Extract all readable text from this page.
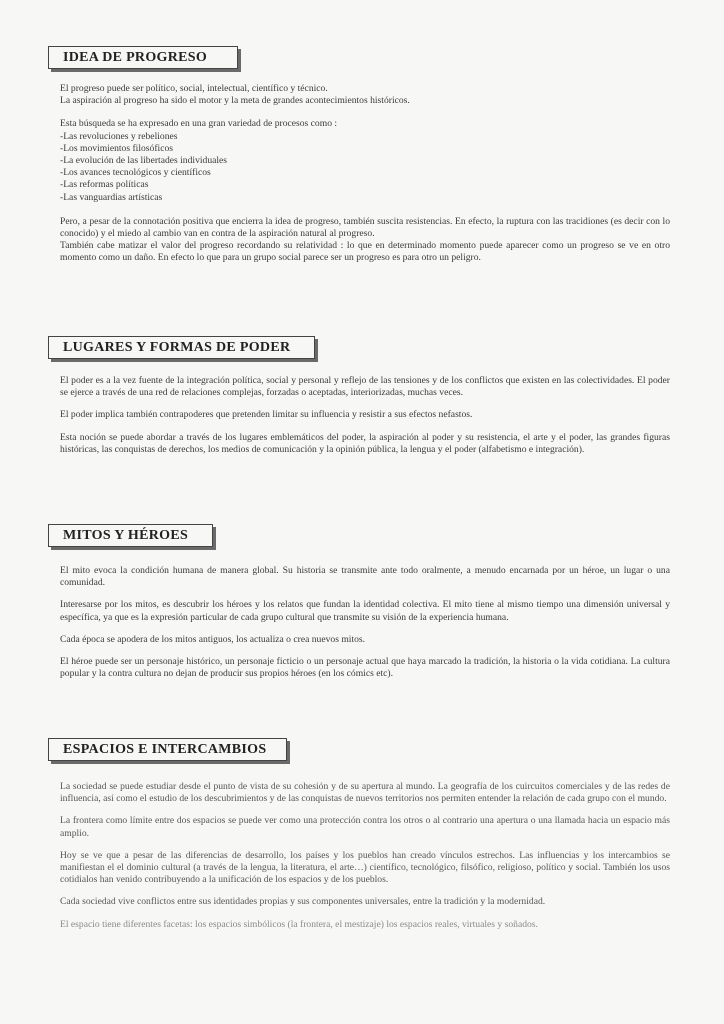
IDEA DE PROGRESO

El progreso puede ser político, social, intelectual, científico y técnico.
La aspiración al progreso ha sido el motor y la meta de grandes acontecimientos históricos.

Esta búsqueda se ha expresado en una gran variedad de procesos como :
-Las revoluciones y rebeliones
-Los movimientos filosóficos
-La evolución de las libertades individuales
-Los avances tecnológicos y científicos
-Las reformas políticas
-Las vanguardias artísticas

Pero, a pesar de la connotación positiva que encierra la idea de progreso, también suscita resistencias. En efecto, la ruptura con las tracidiones (es decir con lo conocido) y el miedo al cambio van en contra de la aspiración natural al progreso.
También cabe matizar el valor del progreso recordando su relatividad : lo que en determinado momento puede aparecer como un progreso se ve en otro momento como un daño. En efecto lo que para un grupo social parece ser un progreso es para otro un peligro.

LUGARES Y FORMAS DE PODER

El poder es a la vez fuente de la integración política, social y personal y reflejo de las tensiones y de los conflictos que existen en las colectividades. El poder se ejerce a través de una red de relaciones complejas, forzadas o aceptadas, interiorizadas, muchas veces.

El poder implica también contrapoderes que pretenden limitar su influencia y resistir a sus efectos nefastos.

Esta noción se puede abordar a través de los lugares emblemáticos del poder, la aspiración al poder y su resistencia, el arte y el poder, las grandes figuras históricas, las conquistas de derechos, los medios de comunicación y la opinión pública, la lengua y el poder (alfabetismo e integración).

MITOS Y HÉROES

El mito evoca la condición humana de manera global. Su historia se transmite ante todo oralmente, a menudo encarnada por un héroe, un lugar o una comunidad.

Interesarse por los mitos, es descubrir los héroes y los relatos que fundan la identidad colectiva. El mito tiene al mismo tiempo una dimensión universal y específica, ya que es la expresión particular de cada grupo cultural que transmite su visión de la experiencia humana.

Cada época se apodera de los mitos antiguos, los actualiza o crea nuevos mitos.

El héroe puede ser un personaje histórico, un personaje ficticio o un personaje actual que haya marcado la tradición, la historia o la vida cotidiana. La cultura popular y la contra cultura no dejan de producir sus propios héroes (en los cómics etc).

ESPACIOS E INTERCAMBIOS

La sociedad se puede estudiar desde el punto de vista de su cohesión y de su apertura al mundo. La geografía de los cuircuitos comerciales y de las redes de influencia, así como el estudio de los descubrimientos y de las conquistas de nuevos territorios nos permiten entender la relación de cada grupo con el mundo.

La frontera como límite entre dos espacios se puede ver como una protección contra los otros o al contrario una apertura o una llamada hacia un espacio más amplio.

Hoy se ve que a pesar de las diferencias de desarrollo, los países y los pueblos han creado vínculos estrechos. Las influencias y los intercambios se manifiestan el el dominio cultural (a través de la lengua, la literatura, el arte…) científico, tecnológico, filsófico, religioso, político y social. También los usos cotidialos han venido contribuyendo a la unificación de los espacios y de los pueblos.

Cada sociedad vive conflictos entre sus identidades propias y sus componentes universales, entre la tradición y la modernidad.

El espacio tiene diferentes facetas: los espacios simbólicos (la frontera, el mestizaje) los espacios reales, virtuales y soñados.
